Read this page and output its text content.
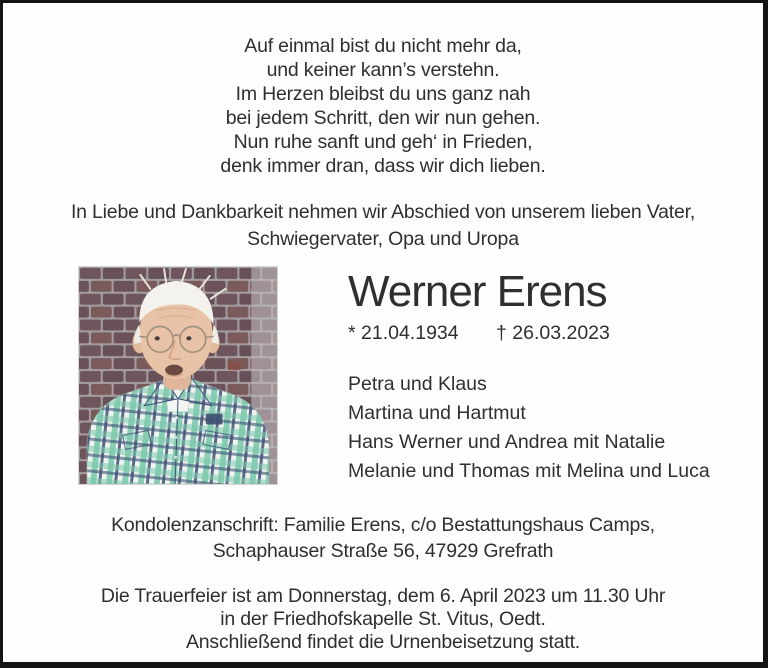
Auf einmal bist du nicht mehr da,
und keiner kann’s verstehn.
Im Herzen bleibst du uns ganz nah
bei jedem Schritt, den wir nun gehen.
Nun ruhe sanft und geh‘ in Frieden,
denk immer dran, dass wir dich lieben.
In Liebe und Dankbarkeit nehmen wir Abschied von unserem lieben Vater,
Schwiegervater, Opa und Uropa
Werner Erens
* 21.04.1934 † 26.03.2023
Petra und Klaus
Martina und Hartmut
Hans Werner und Andrea mit Natalie
Melanie und Thomas mit Melina und Luca
Kondolenzanschrift: Familie Erens, c/o Bestattungshaus Camps,
Schaphauser Straße 56, 47929 Grefrath
Die Trauerfeier ist am Donnerstag, dem 6. April 2023 um 11.30 Uhr
in der Friedhofskapelle St. Vitus, Oedt.
Anschließend findet die Urnenbeisetzung statt.
